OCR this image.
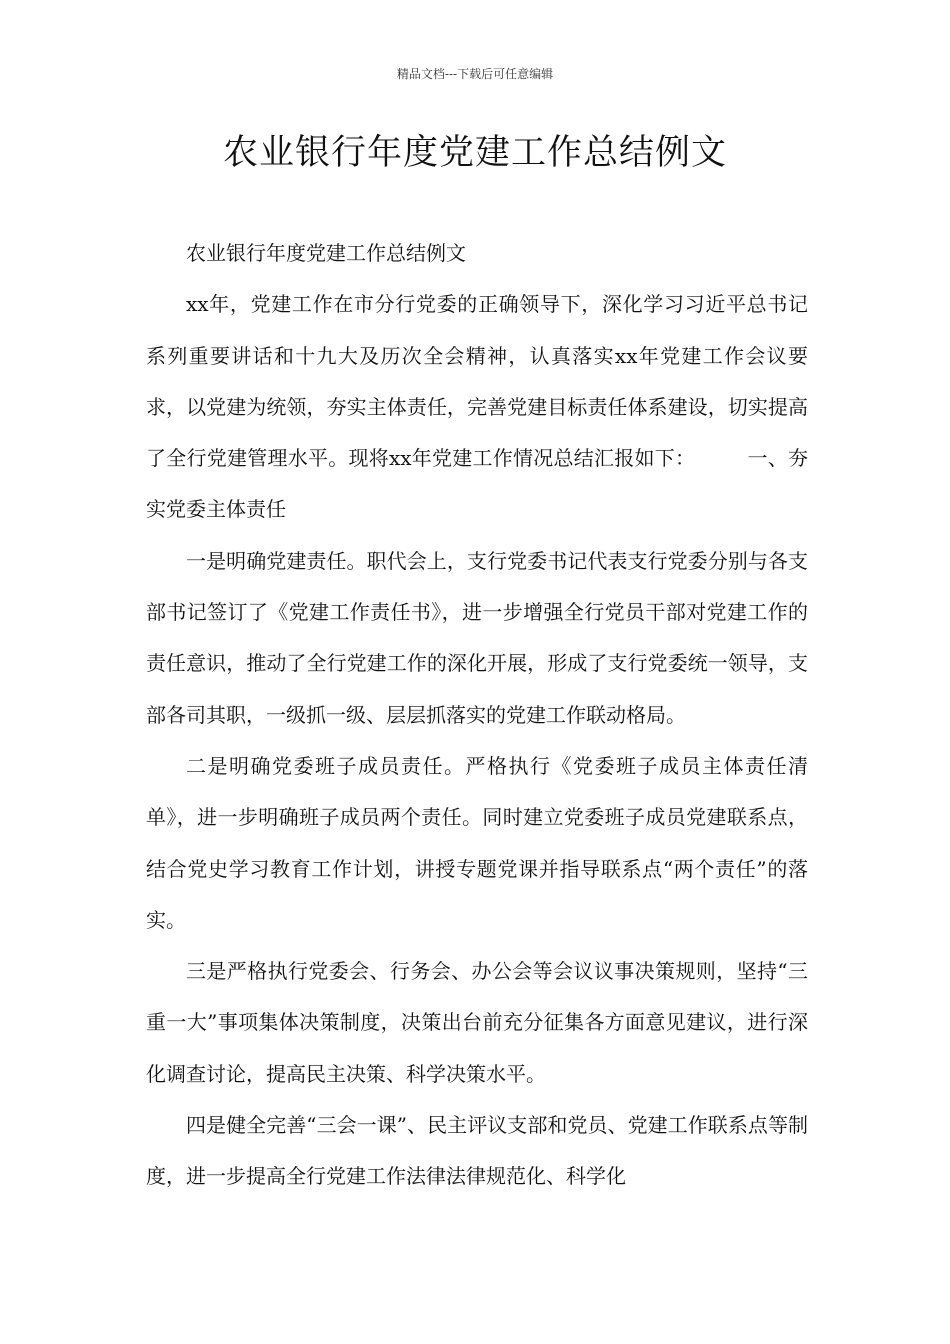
精品文档---下载后可任意编辑
农业银行年度党建工作总结例文

农业银行年度党建工作总结例文

xx年，党建工作在市分行党委的正确领导下，深化学习习近平总书记系列重要讲话和十九大及历次全会精神，认真落实xx年党建工作会议要求，以党建为统领，夯实主体责任，完善党建目标责任体系建设，切实提高了全行党建管理水平。现将xx年党建工作情况总结汇报如下：	一、夯实党委主体责任

一是明确党建责任。职代会上，支行党委书记代表支行党委分别与各支部书记签订了《党建工作责任书》，进一步增强全行党员干部对党建工作的责任意识，推动了全行党建工作的深化开展，形成了支行党委统一领导，支部各司其职，一级抓一级、层层抓落实的党建工作联动格局。

二是明确党委班子成员责任。严格执行《党委班子成员主体责任清单》，进一步明确班子成员两个责任。同时建立党委班子成员党建联系点，结合党史学习教育工作计划，讲授专题党课并指导联系点“两个责任”的落实。

三是严格执行党委会、行务会、办公会等会议议事决策规则，坚持“三重一大”事项集体决策制度，决策出台前充分征集各方面意见建议，进行深化调查讨论，提高民主决策、科学决策水平。

四是健全完善“三会一课”、民主评议支部和党员、党建工作联系点等制度，进一步提高全行党建工作法律法律规范化、科学化
